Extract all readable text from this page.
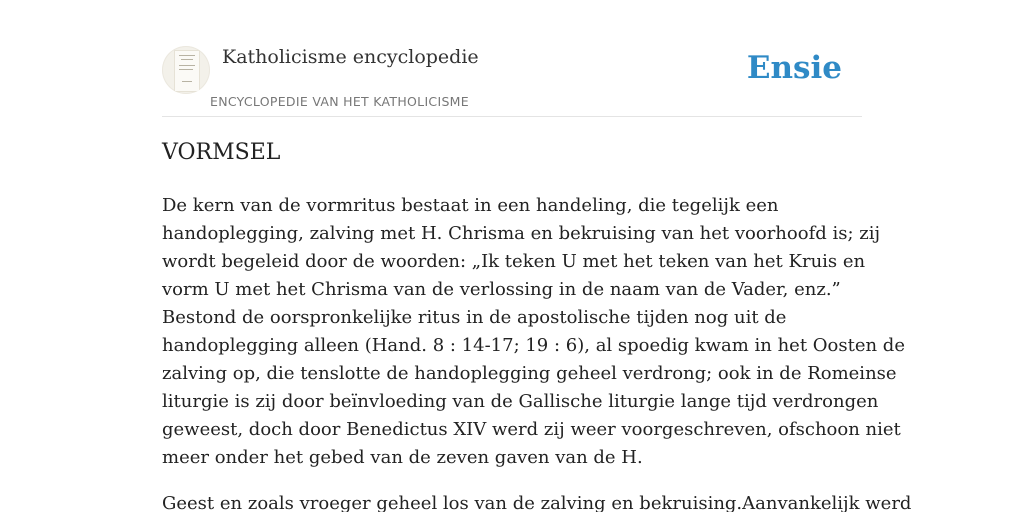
Katholicisme encyclopedie
ENCYCLOPEDIE VAN HET KATHOLICISME
Ensie
VORMSEL
De kern van de vormritus bestaat in een handeling, die tegelijk een
handoplegging, zalving met H. Chrisma en bekruising van het voorhoofd is; zij
wordt begeleid door de woorden: „Ik teken U met het teken van het Kruis en
vorm U met het Chrisma van de verlossing in de naam van de Vader, enz.”
Bestond de oorspronkelijke ritus in de apostolische tijden nog uit de
handoplegging alleen (Hand. 8 : 14-17; 19 : 6), al spoedig kwam in het Oosten de
zalving op, die tenslotte de handoplegging geheel verdrong; ook in de Romeinse
liturgie is zij door beïnvloeding van de Gallische liturgie lange tijd verdrongen
geweest, doch door Benedictus XIV werd zij weer voorgeschreven, ofschoon niet
meer onder het gebed van de zeven gaven van de H.
Geest en zoals vroeger geheel los van de zalving en bekruising.Aanvankelijk werd
